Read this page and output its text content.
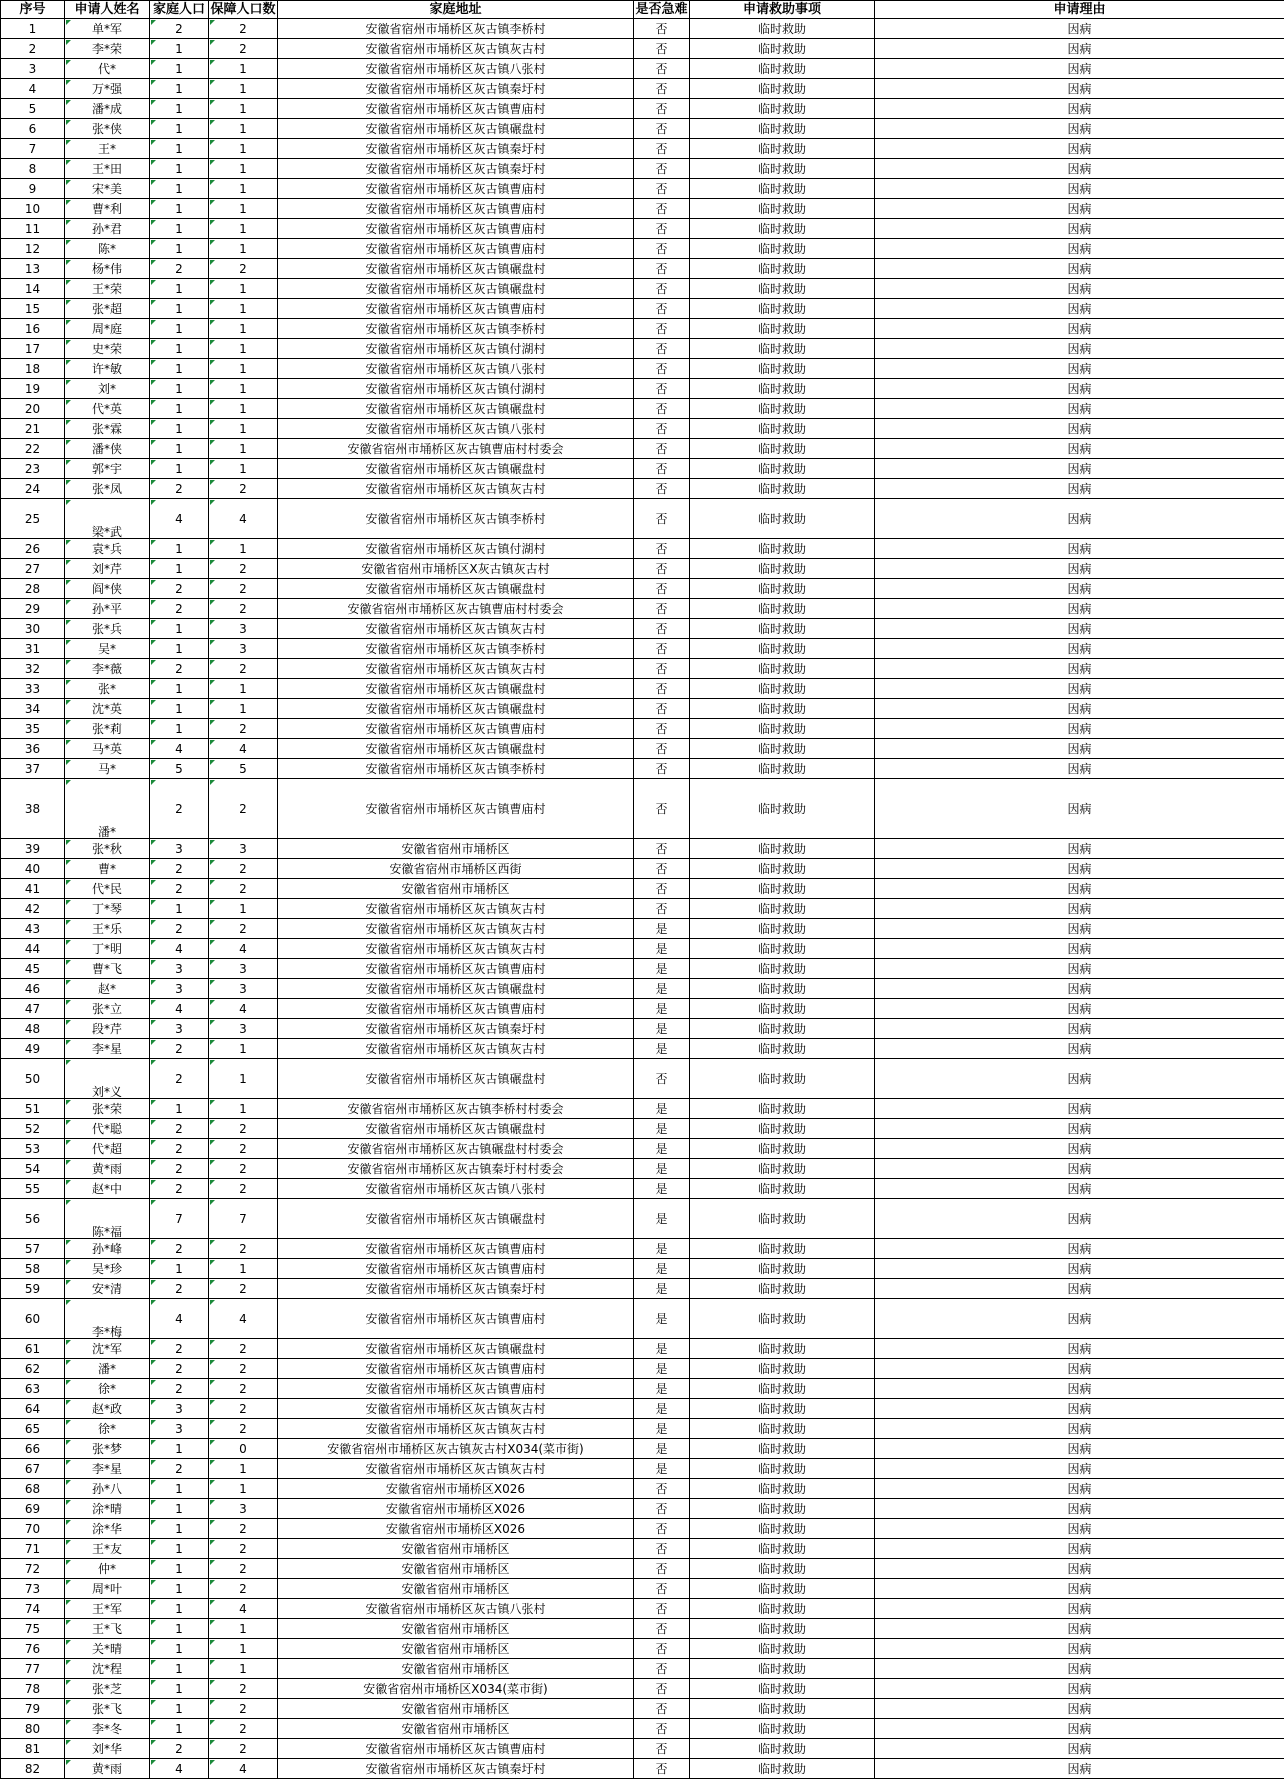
序号	申请人姓名	家庭人口	保障人口数	家庭地址	是否急难	申请救助事项	申请理由
1	单*军	2	2	安徽省宿州市埇桥区灰古镇李桥村	否	临时救助	因病
2	李*荣	1	2	安徽省宿州市埇桥区灰古镇灰古村	否	临时救助	因病
3	代*	1	1	安徽省宿州市埇桥区灰古镇八张村	否	临时救助	因病
4	万*强	1	1	安徽省宿州市埇桥区灰古镇秦圩村	否	临时救助	因病
5	潘*成	1	1	安徽省宿州市埇桥区灰古镇曹庙村	否	临时救助	因病
6	张*侠	1	1	安徽省宿州市埇桥区灰古镇碾盘村	否	临时救助	因病
7	王*	1	1	安徽省宿州市埇桥区灰古镇秦圩村	否	临时救助	因病
8	王*田	1	1	安徽省宿州市埇桥区灰古镇秦圩村	否	临时救助	因病
9	宋*美	1	1	安徽省宿州市埇桥区灰古镇曹庙村	否	临时救助	因病
10	曹*利	1	1	安徽省宿州市埇桥区灰古镇曹庙村	否	临时救助	因病
11	孙*君	1	1	安徽省宿州市埇桥区灰古镇曹庙村	否	临时救助	因病
12	陈*	1	1	安徽省宿州市埇桥区灰古镇曹庙村	否	临时救助	因病
13	杨*伟	2	2	安徽省宿州市埇桥区灰古镇碾盘村	否	临时救助	因病
14	王*荣	1	1	安徽省宿州市埇桥区灰古镇碾盘村	否	临时救助	因病
15	张*超	1	1	安徽省宿州市埇桥区灰古镇曹庙村	否	临时救助	因病
16	周*庭	1	1	安徽省宿州市埇桥区灰古镇李桥村	否	临时救助	因病
17	史*荣	1	1	安徽省宿州市埇桥区灰古镇付湖村	否	临时救助	因病
18	许*敏	1	1	安徽省宿州市埇桥区灰古镇八张村	否	临时救助	因病
19	刘*	1	1	安徽省宿州市埇桥区灰古镇付湖村	否	临时救助	因病
20	代*英	1	1	安徽省宿州市埇桥区灰古镇碾盘村	否	临时救助	因病
21	张*霖	1	1	安徽省宿州市埇桥区灰古镇八张村	否	临时救助	因病
22	潘*侠	1	1	安徽省宿州市埇桥区灰古镇曹庙村村委会	否	临时救助	因病
23	郭*宇	1	1	安徽省宿州市埇桥区灰古镇碾盘村	否	临时救助	因病
24	张*凤	2	2	安徽省宿州市埇桥区灰古镇灰古村	否	临时救助	因病
25	梁*武	4	4	安徽省宿州市埇桥区灰古镇李桥村	否	临时救助	因病
26	袁*兵	1	1	安徽省宿州市埇桥区灰古镇付湖村	否	临时救助	因病
27	刘*芹	1	2	安徽省宿州市埇桥区X灰古镇灰古村	否	临时救助	因病
28	阎*侠	2	2	安徽省宿州市埇桥区灰古镇碾盘村	否	临时救助	因病
29	孙*平	2	2	安徽省宿州市埇桥区灰古镇曹庙村村委会	否	临时救助	因病
30	张*兵	1	3	安徽省宿州市埇桥区灰古镇灰古村	否	临时救助	因病
31	吴*	1	3	安徽省宿州市埇桥区灰古镇李桥村	否	临时救助	因病
32	李*薇	2	2	安徽省宿州市埇桥区灰古镇灰古村	否	临时救助	因病
33	张*	1	1	安徽省宿州市埇桥区灰古镇碾盘村	否	临时救助	因病
34	沈*英	1	1	安徽省宿州市埇桥区灰古镇碾盘村	否	临时救助	因病
35	张*莉	1	2	安徽省宿州市埇桥区灰古镇曹庙村	否	临时救助	因病
36	马*英	4	4	安徽省宿州市埇桥区灰古镇碾盘村	否	临时救助	因病
37	马*	5	5	安徽省宿州市埇桥区灰古镇李桥村	否	临时救助	因病
38	潘*	2	2	安徽省宿州市埇桥区灰古镇曹庙村	否	临时救助	因病
39	张*秋	3	3	安徽省宿州市埇桥区	否	临时救助	因病
40	曹*	2	2	安徽省宿州市埇桥区西街	否	临时救助	因病
41	代*民	2	2	安徽省宿州市埇桥区	否	临时救助	因病
42	丁*琴	1	1	安徽省宿州市埇桥区灰古镇灰古村	否	临时救助	因病
43	王*乐	2	2	安徽省宿州市埇桥区灰古镇灰古村	是	临时救助	因病
44	丁*明	4	4	安徽省宿州市埇桥区灰古镇灰古村	是	临时救助	因病
45	曹*飞	3	3	安徽省宿州市埇桥区灰古镇曹庙村	是	临时救助	因病
46	赵*	3	3	安徽省宿州市埇桥区灰古镇碾盘村	是	临时救助	因病
47	张*立	4	4	安徽省宿州市埇桥区灰古镇曹庙村	是	临时救助	因病
48	段*芹	3	3	安徽省宿州市埇桥区灰古镇秦圩村	是	临时救助	因病
49	李*星	2	1	安徽省宿州市埇桥区灰古镇灰古村	是	临时救助	因病
50	刘*义	2	1	安徽省宿州市埇桥区灰古镇碾盘村	否	临时救助	因病
51	张*荣	1	1	安徽省宿州市埇桥区灰古镇李桥村村委会	是	临时救助	因病
52	代*聪	2	2	安徽省宿州市埇桥区灰古镇碾盘村	是	临时救助	因病
53	代*超	2	2	安徽省宿州市埇桥区灰古镇碾盘村村委会	是	临时救助	因病
54	黄*雨	2	2	安徽省宿州市埇桥区灰古镇秦圩村村委会	是	临时救助	因病
55	赵*中	2	2	安徽省宿州市埇桥区灰古镇八张村	是	临时救助	因病
56	陈*福	7	7	安徽省宿州市埇桥区灰古镇碾盘村	是	临时救助	因病
57	孙*峰	2	2	安徽省宿州市埇桥区灰古镇曹庙村	是	临时救助	因病
58	吴*珍	1	1	安徽省宿州市埇桥区灰古镇曹庙村	是	临时救助	因病
59	安*清	2	2	安徽省宿州市埇桥区灰古镇秦圩村	是	临时救助	因病
60	李*梅	4	4	安徽省宿州市埇桥区灰古镇曹庙村	是	临时救助	因病
61	沈*军	2	2	安徽省宿州市埇桥区灰古镇碾盘村	是	临时救助	因病
62	潘*	2	2	安徽省宿州市埇桥区灰古镇曹庙村	是	临时救助	因病
63	徐*	2	2	安徽省宿州市埇桥区灰古镇曹庙村	是	临时救助	因病
64	赵*政	3	2	安徽省宿州市埇桥区灰古镇灰古村	是	临时救助	因病
65	徐*	3	2	安徽省宿州市埇桥区灰古镇灰古村	是	临时救助	因病
66	张*梦	1	0	安徽省宿州市埇桥区灰古镇灰古村X034(菜市街)	是	临时救助	因病
67	李*星	2	1	安徽省宿州市埇桥区灰古镇灰古村	是	临时救助	因病
68	孙*八	1	1	安徽省宿州市埇桥区X026	否	临时救助	因病
69	涂*晴	1	3	安徽省宿州市埇桥区X026	否	临时救助	因病
70	涂*华	1	2	安徽省宿州市埇桥区X026	否	临时救助	因病
71	王*友	1	2	安徽省宿州市埇桥区	否	临时救助	因病
72	仲*	1	2	安徽省宿州市埇桥区	否	临时救助	因病
73	周*叶	1	2	安徽省宿州市埇桥区	否	临时救助	因病
74	王*军	1	4	安徽省宿州市埇桥区灰古镇八张村	否	临时救助	因病
75	王*飞	1	1	安徽省宿州市埇桥区	否	临时救助	因病
76	关*晴	1	1	安徽省宿州市埇桥区	否	临时救助	因病
77	沈*程	1	1	安徽省宿州市埇桥区	否	临时救助	因病
78	张*芝	1	2	安徽省宿州市埇桥区X034(菜市街)	否	临时救助	因病
79	张*飞	1	2	安徽省宿州市埇桥区	否	临时救助	因病
80	李*冬	1	2	安徽省宿州市埇桥区	否	临时救助	因病
81	刘*华	2	2	安徽省宿州市埇桥区灰古镇曹庙村	否	临时救助	因病
82	黄*雨	4	4	安徽省宿州市埇桥区灰古镇秦圩村	否	临时救助	因病
